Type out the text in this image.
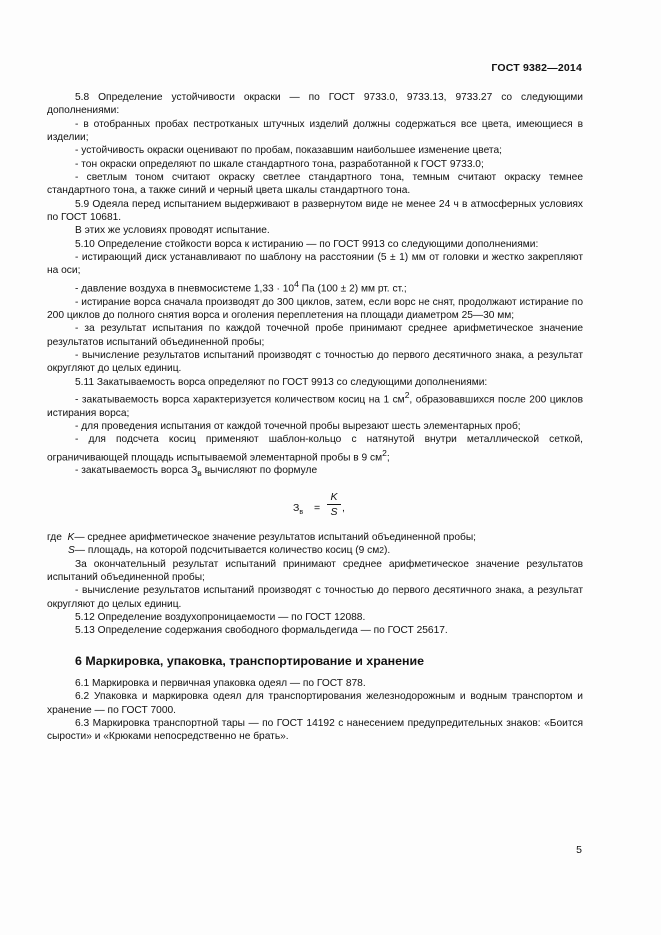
ГОСТ 9382—2014

5.8 Определение устойчивости окраски — по ГОСТ 9733.0, 9733.13, 9733.27 со следующими дополнениями:

- в отобранных пробах пестротканых штучных изделий должны содержаться все цвета, имеющиеся в изделии;

- устойчивость окраски оценивают по пробам, показавшим наибольшее изменение цвета;

- тон окраски определяют по шкале стандартного тона, разработанной к ГОСТ 9733.0;

- светлым тоном считают окраску светлее стандартного тона, темным считают окраску темнее стандартного тона, а также синий и черный цвета шкалы стандартного тона.

5.9 Одеяла перед испытанием выдерживают в развернутом виде не менее 24 ч в атмосферных условиях по ГОСТ 10681.

В этих же условиях проводят испытание.

5.10 Определение стойкости ворса к истиранию — по ГОСТ 9913 со следующими дополнениями:

- истирающий диск устанавливают по шаблону на расстоянии (5 ± 1) мм от головки и жестко закрепляют на оси;

- давление воздуха в пневмосистеме $1,33 \cdot 10^4$ Па (100 ± 2) мм рт. ст.;

- истирание ворса сначала производят до 300 циклов, затем, если ворс не снят, продолжают истирание по 200 циклов до полного снятия ворса и оголения переплетения на площади диаметром 25—30 мм;

- за результат испытания по каждой точечной пробе принимают среднее арифметическое значение результатов испытаний объединенной пробы;

- вычисление результатов испытаний производят с точностью до первого десятичного знака, а результат округляют до целых единиц.

5.11 Закатываемость ворса определяют по ГОСТ 9913 со следующими дополнениями:

- закатываемость ворса характеризуется количеством косиц на 1 $см^2$, образовавшихся после 200 циклов истирания ворса;

- для проведения испытания от каждой точечной пробы вырезают шесть элементарных проб;

- для подсчета косиц применяют шаблон-кольцо с натянутой внутри металлической сеткой, ограничивающей площадь испытываемой элементарной пробы в 9 $см^2$;

- закатываемость ворса $З_в$ вычисляют по формуле

$З_в = \frac{K}{S}$ ,
где
K — среднее арифметическое значение результатов испытаний объединенной пробы;
S — площадь, на которой подсчитывается количество косиц (9 см 2 ).

За окончательный результат испытаний принимают среднее арифметическое значение результатов испытаний объединенной пробы;

- вычисление результатов испытаний производят с точностью до первого десятичного знака, а результат округляют до целых единиц.

5.12 Определение воздухопроницаемости — по ГОСТ 12088.

5.13 Определение содержания свободного формальдегида — по ГОСТ 25617.

6 Маркировка, упаковка, транспортирование и хранение

6.1 Маркировка и первичная упаковка одеял — по ГОСТ 878.

6.2 Упаковка и маркировка одеял для транспортирования железнодорожным и водным транспортом и хранение — по ГОСТ 7000.

6.3 Маркировка транспортной тары — по ГОСТ 14192 с нанесением предупредительных знаков: «Боится сырости» и «Крюками непосредственно не брать».

5
